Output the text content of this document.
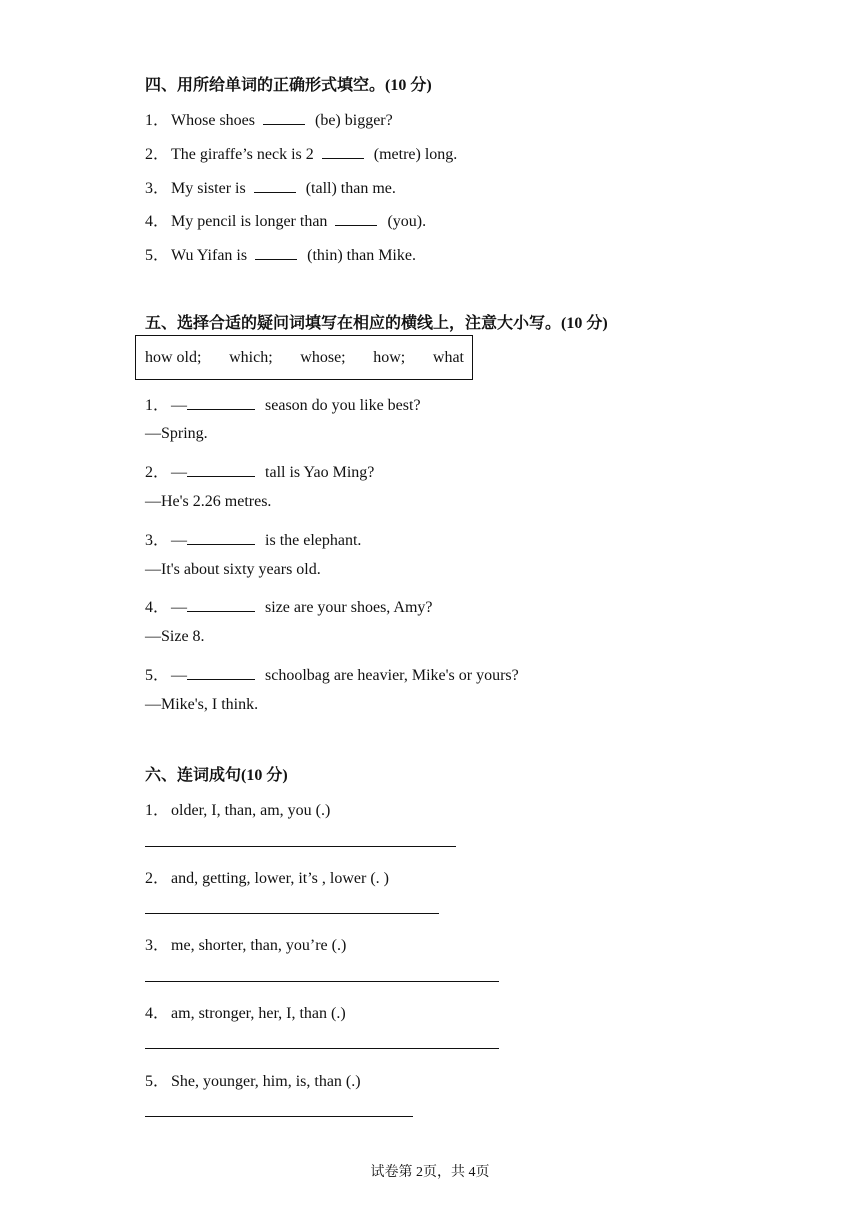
四、用所给单词的正确形式填空。(10 分)
1． Whose shoes	(be) bigger?
2． The giraffe’s neck is 2	(metre) long.
3． My sister is	(tall) than me.
4． My pencil is longer than	(you).
5． Wu Yifan is	(thin) than Mike.
五、选择合适的疑问词填写在相应的横线上，注意大小写。(10 分)
how old; which; whose; how; what
1． —	season do you like best?
—Spring.
2． —	tall is Yao Ming?
—He's 2.26 metres.
3． —	is the elephant.
—It's about sixty years old.
4． —	size are your shoes, Amy?
—Size 8.
5． —	schoolbag are heavier, Mike's or yours?
—Mike's, I think.
六、连词成句(10 分)
1． older, I, than, am, you (.)
2． and, getting, lower, it’s , lower (. )
3． me, shorter, than, you’re (.)
4． am, stronger, her, I, than (.)
5． She, younger, him, is, than (.)
试卷第 2页，共 4页
